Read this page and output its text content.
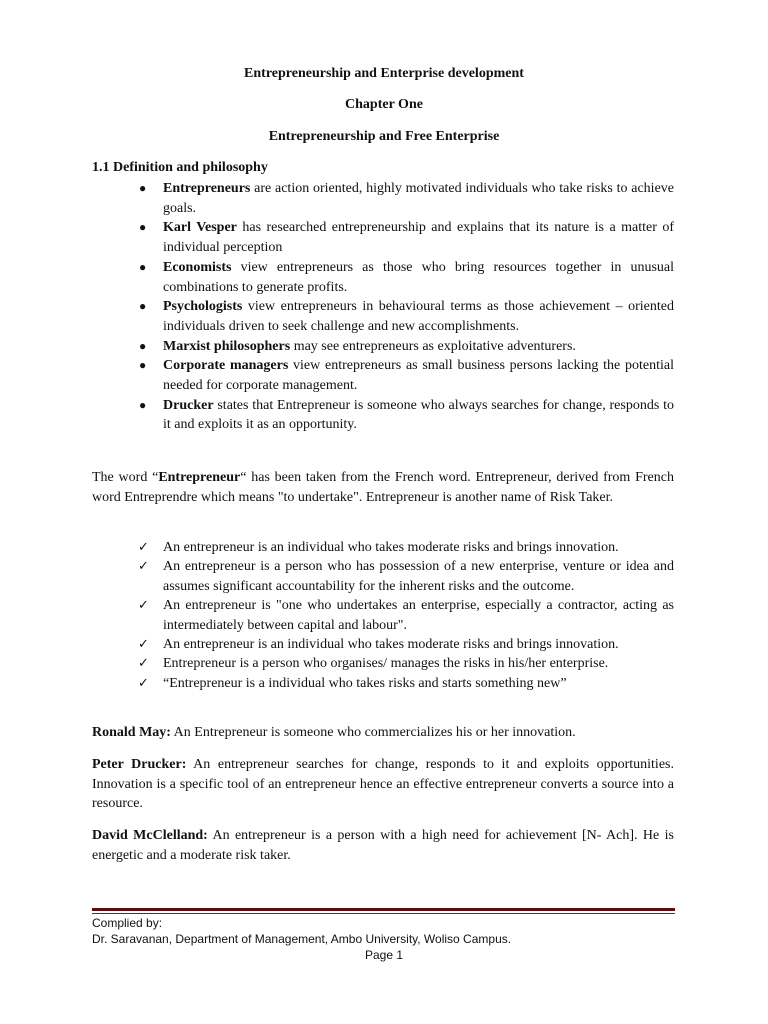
Entrepreneurship and Enterprise development
Chapter One
Entrepreneurship and Free Enterprise
1.1 Definition and philosophy
● Entrepreneurs are action oriented, highly motivated individuals who take risks to achieve goals.
● Karl Vesper has researched entrepreneurship and explains that its nature is a matter of individual perception
● Economists view entrepreneurs as those who bring resources together in unusual combinations to generate profits.
● Psychologists view entrepreneurs in behavioural terms as those achievement – oriented individuals driven to seek challenge and new accomplishments.
● Marxist philosophers may see entrepreneurs as exploitative adventurers.
● Corporate managers view entrepreneurs as small business persons lacking the potential needed for corporate management.
● Drucker states that Entrepreneur is someone who always searches for change, responds to it and exploits it as an opportunity.
The word “Entrepreneur“ has been taken from the French word. Entrepreneur, derived from French word Entreprendre which means "to undertake". Entrepreneur is another name of Risk Taker.
✓ An entrepreneur is an individual who takes moderate risks and brings innovation.
✓ An entrepreneur is a person who has possession of a new enterprise, venture or idea and assumes significant accountability for the inherent risks and the outcome.
✓ An entrepreneur is "one who undertakes an enterprise, especially a contractor, acting as intermediately between capital and labour".
✓ An entrepreneur is an individual who takes moderate risks and brings innovation.
✓ Entrepreneur is a person who organises/ manages the risks in his/her enterprise.
✓ “Entrepreneur is a individual who takes risks and starts something new”
Ronald May: An Entrepreneur is someone who commercializes his or her innovation.
Peter Drucker: An entrepreneur searches for change, responds to it and exploits opportunities. Innovation is a specific tool of an entrepreneur hence an effective entrepreneur converts a source into a resource.
David McClelland: An entrepreneur is a person with a high need for achievement [N- Ach]. He is energetic and a moderate risk taker.
Complied by:
Dr. Saravanan, Department of Management, Ambo University, Woliso Campus.
Page 1
